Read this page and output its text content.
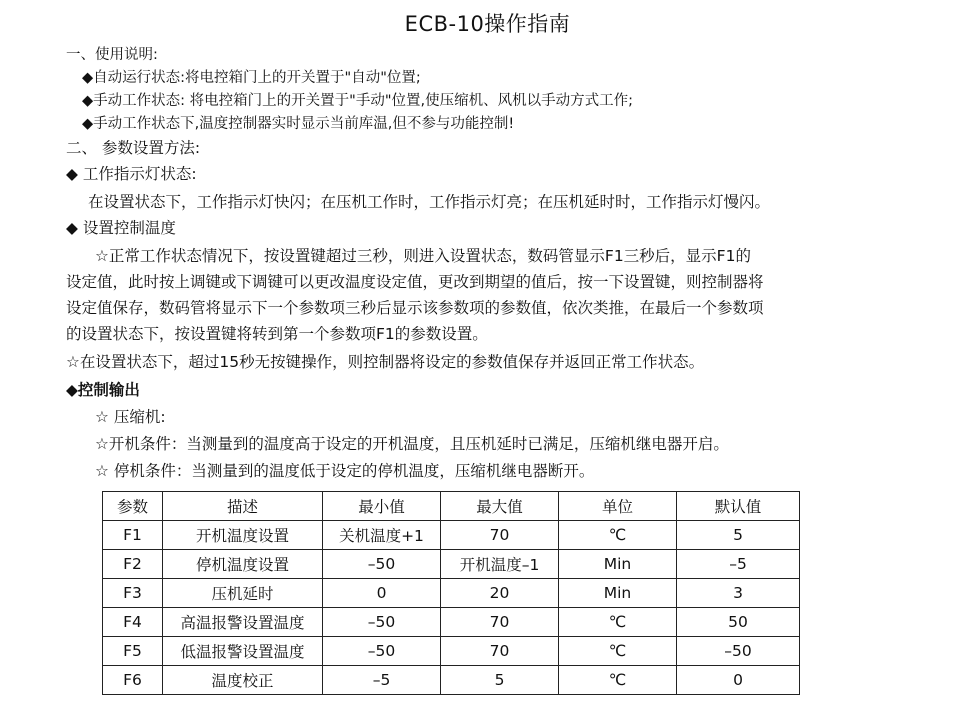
ECB-10操作指南
一、使用说明:
◆自动运行状态:将电控箱门上的开关置于"自动"位置;
◆手动工作状态: 将电控箱门上的开关置于"手动"位置,使压缩机、风机以手动方式工作;
◆手动工作状态下,温度控制器实时显示当前库温,但不参与功能控制!
二、 参数设置方法:
◆ 工作指示灯状态:
在设置状态下，工作指示灯快闪；在压机工作时，工作指示灯亮；在压机延时时，工作指示灯慢闪。
◆ 设置控制温度
☆正常工作状态情况下，按设置键超过三秒，则进入设置状态，数码管显示F1三秒后，显示F1的
设定值，此时按上调键或下调键可以更改温度设定值，更改到期望的值后，按一下设置键，则控制器将
设定值保存，数码管将显示下一个参数项三秒后显示该参数项的参数值，依次类推，在最后一个参数项
的设置状态下，按设置键将转到第一个参数项F1的参数设置。
☆在设置状态下，超过15秒无按键操作，则控制器将设定的参数值保存并返回正常工作状态。
◆控制输出
☆ 压缩机:
☆开机条件：当测量到的温度高于设定的开机温度，且压机延时已满足，压缩机继电器开启。
☆ 停机条件：当测量到的温度低于设定的停机温度，压缩机继电器断开。
参数	描述	最小值	最大值	单位	默认值
F1	开机温度设置	关机温度+1	70	℃	5
F2	停机温度设置	–50	开机温度–1	Min	–5
F3	压机延时	0	20	Min	3
F4	高温报警设置温度	–50	70	℃	50
F5	低温报警设置温度	–50	70	℃	–50
F6	温度校正	–5	5	℃	0
